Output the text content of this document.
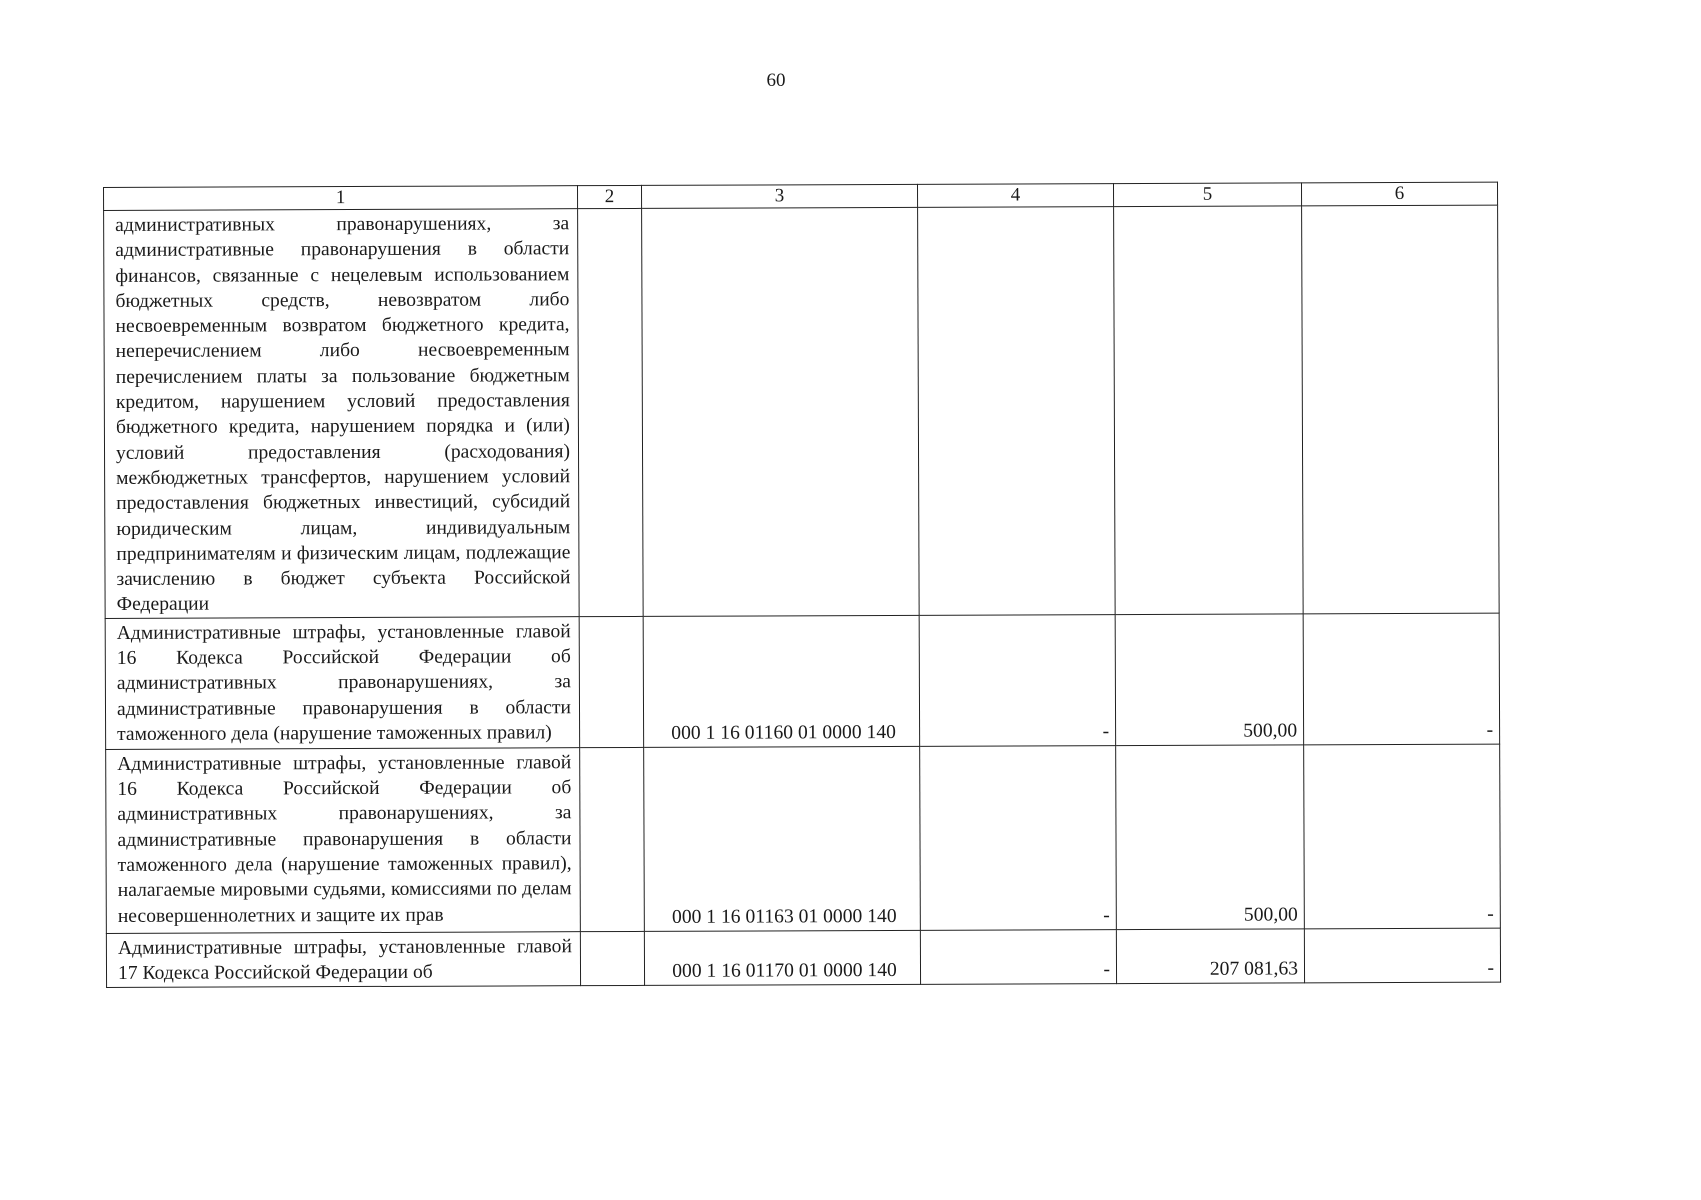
60
1	2	3	4	5	6
административных правонарушениях, за административные правонарушения в области финансов, связанные с нецелевым использованием бюджетных средств, невозвратом либо несвоевременным возвратом бюджетного кредита, неперечислением либо несвоевременным перечислением платы за пользование бюджетным кредитом, нарушением условий предоставления бюджетного кредита, нарушением порядка и (или) условий предоставления (расходования) межбюджетных трансфертов, нарушением условий предоставления бюджетных инвестиций, субсидий юридическим лицам, индивидуальным предпринимателям и физическим лицам, подлежащие зачислению в бюджет субъекта Российской Федерации					
Административные штрафы, установленные главой 16 Кодекса Российской Федерации об административных правонарушениях, за административные правонарушения в области таможенного дела (нарушение таможенных правил)		000 1 16 01160 01 0000 140	-	500,00	-
Административные штрафы, установленные главой 16 Кодекса Российской Федерации об административных правонарушениях, за административные правонарушения в области таможенного дела (нарушение таможенных правил), налагаемые мировыми судьями, комиссиями по делам несовершеннолетних и защите их прав		000 1 16 01163 01 0000 140	-	500,00	-
Административные штрафы, установленные главой 17 Кодекса Российской Федерации об		000 1 16 01170 01 0000 140	-	207 081,63	-
